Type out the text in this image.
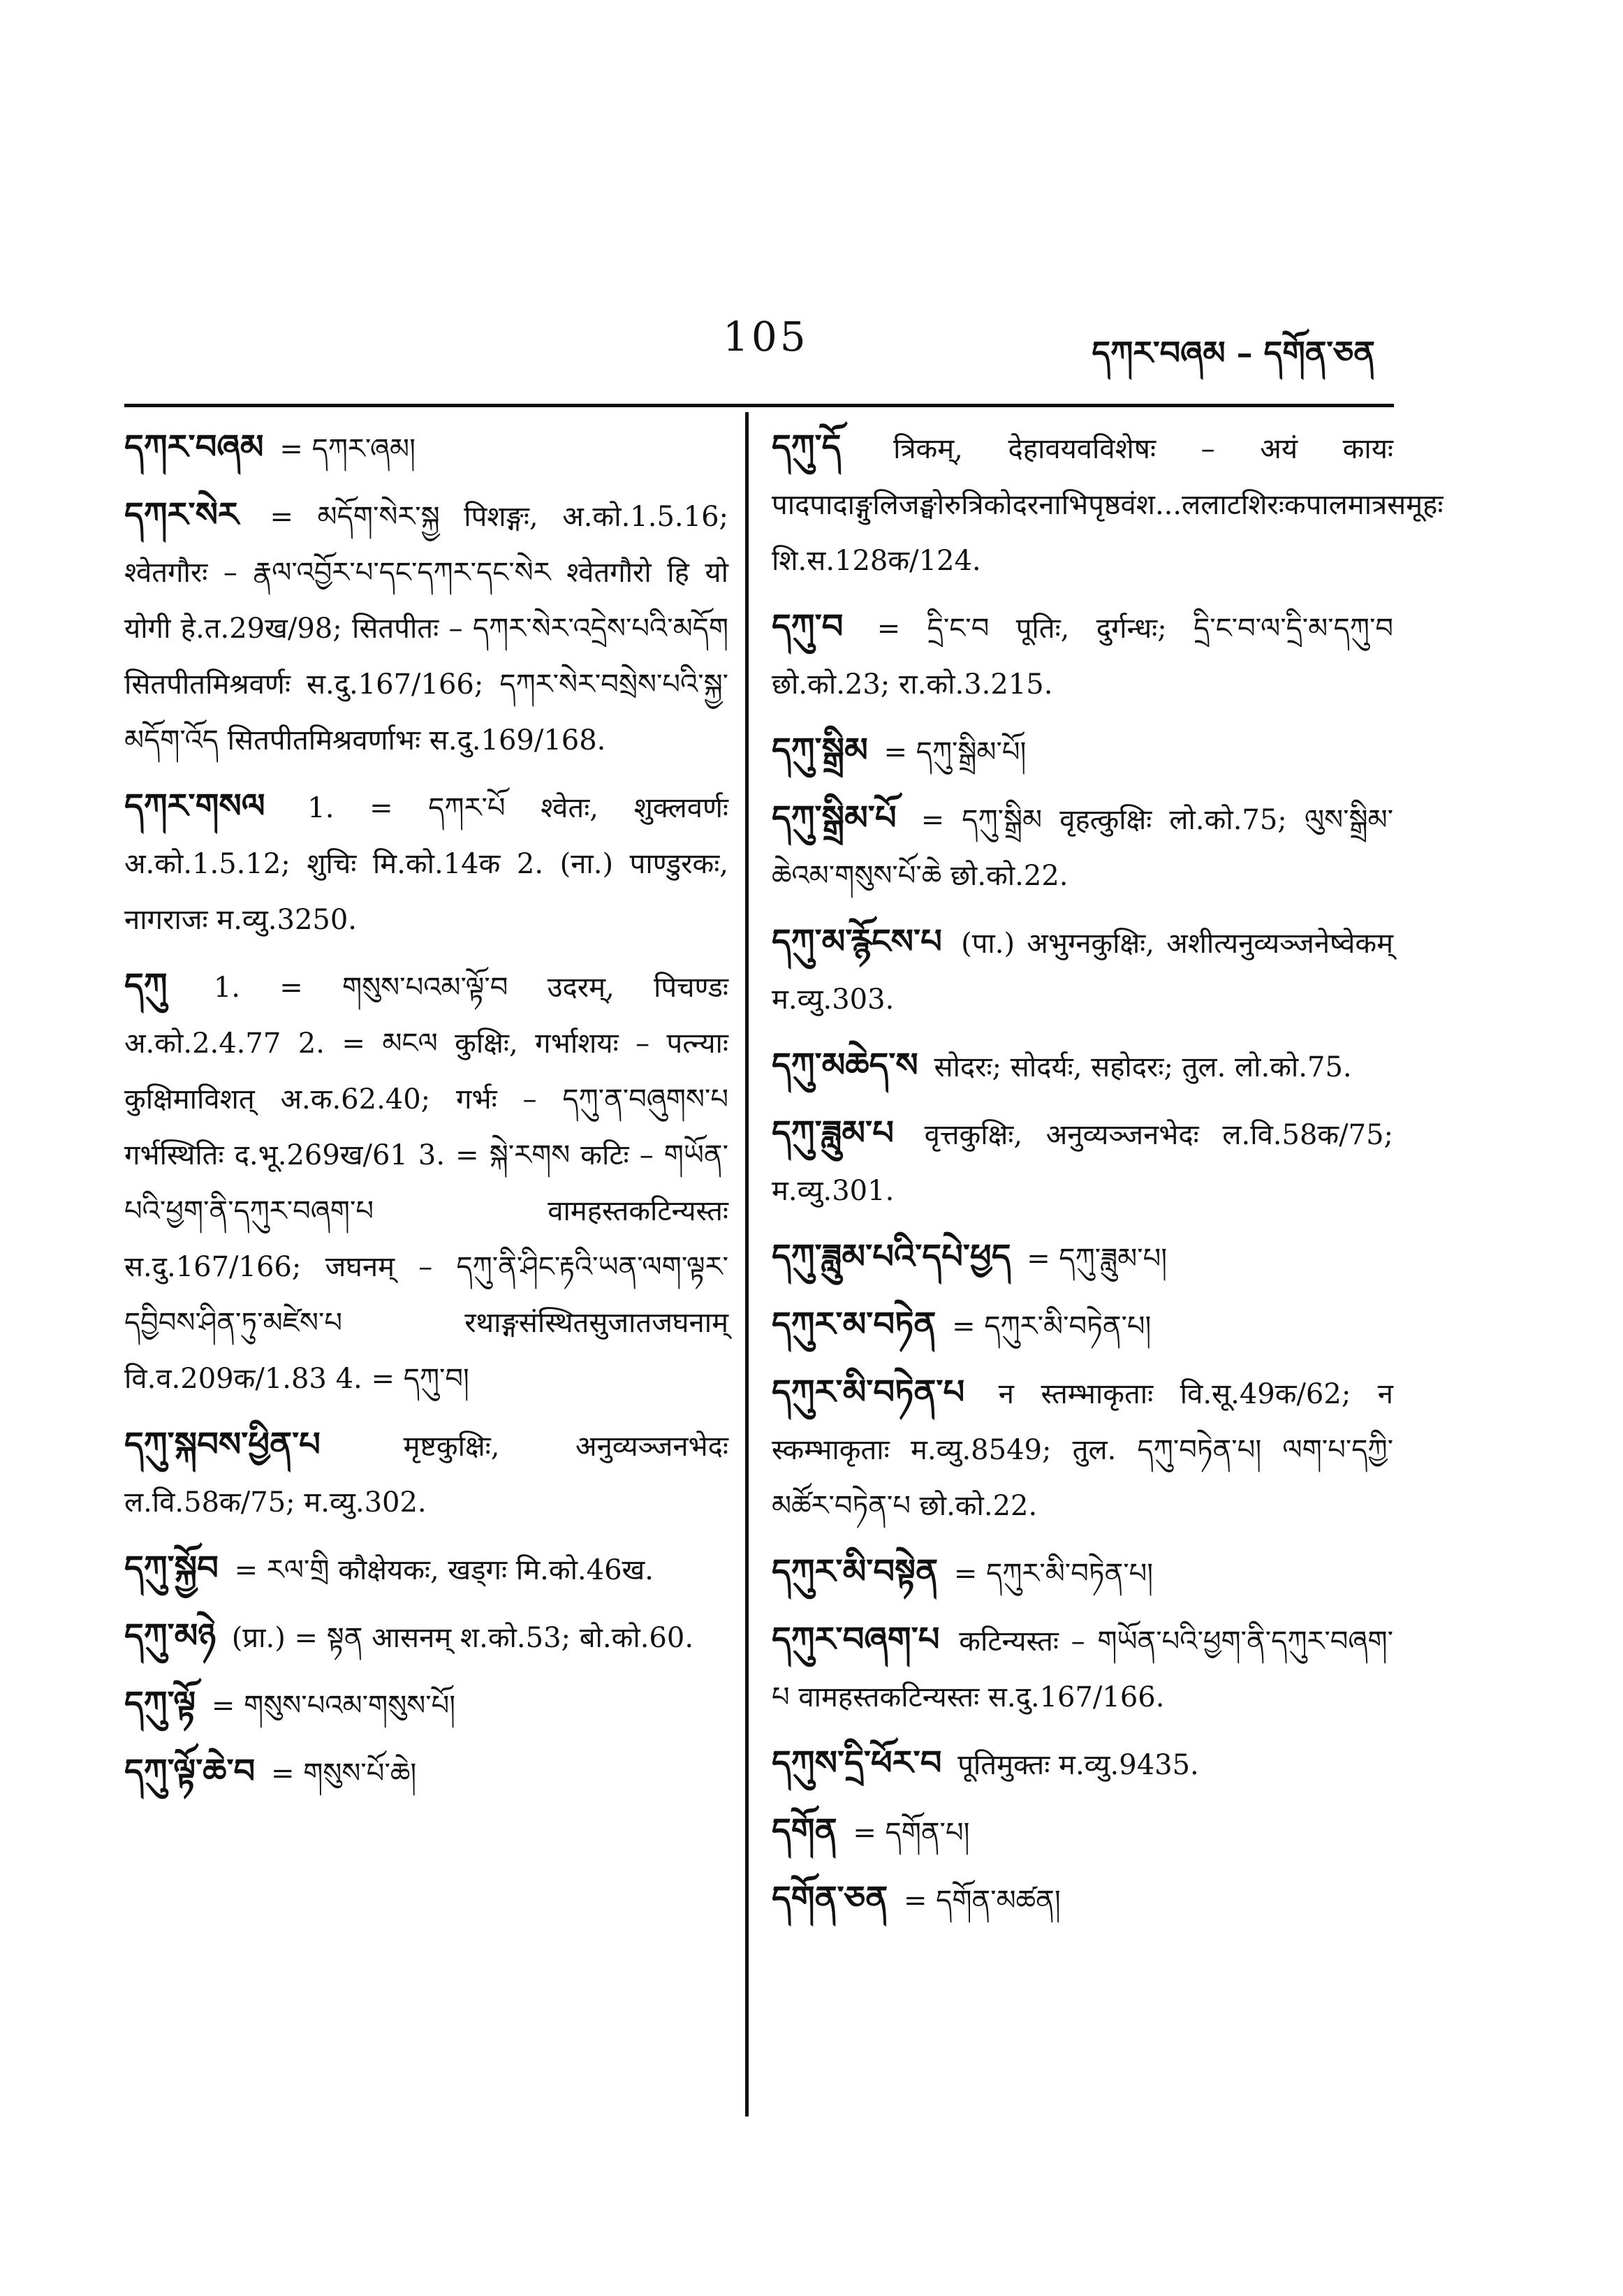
105	དཀར་བཞམ – དགོན་ཅན
དཀར་བཞམ = དཀར་ཞམ།
དཀར་སེར = མདོག་སེར་སྐྱ पिशङ्गः, अ.को.1.5.16; श्वेतगौरः – རྣལ་འབྱོར་པ་དང་དཀར་དང་སེར श्वेतगौरो हि यो योगी हे.त.29ख/98; सितपीतः – དཀར་སེར་འདྲེས་པའི་མདོག सितपीतमिश्रवर्णः स.दु.167/166; དཀར་སེར་བསྲེས་པའི་སྐྱ་མདོག་འོད सितपीतमिश्रवर्णाभः स.दु.169/168.
དཀར་གསལ 1. = དཀར་པོ श्वेतः, शुक्लवर्णः अ.को.1.5.12; शुचिः मि.को.14क 2. (ना.) पाण्डुरकः, नागराजः म.व्यु.3250.
དཀུ 1. = གསུས་པའམ་ལྟོ་བ उदरम्, पिचण्डः अ.को.2.4.77 2. = མངལ कुक्षिः, गर्भाशयः – पत्न्याः कुक्षिमाविशत् अ.क.62.40; गर्भः – དཀུ་ན་བཞུགས་པ गर्भस्थितिः द.भू.269ख/61 3. = སྐེ་རགས कटिः – གཡོན་པའི་ཕྱག་ནི་དཀུར་བཞག་པ वामहस्तकटिन्यस्तः स.दु.167/166; जघनम् – དཀུ་ནི་ཤིང་རྟའི་ཡན་ལག་ལྟར་དབྱིབས་ཤིན་ཏུ་མཛེས་པ रथाङ्गसंस्थितसुजातजघनाम् वि.व.209क/1.83 4. = དཀུ་བ།
དཀུ་སྐབས་ཕྱིན་པ	मृष्टकुक्षिः, अनुव्यञ्जनभेदः ल.वि.58क/75; म.व्यु.302.
དཀུ་སྐྱོབ = རལ་གྲི कौक्षेयकः, खड्गः मि.को.46ख.
དཀུ་མཉེ (प्रा.) = སྟན आसनम् श.को.53; बो.को.60.
དཀུ་ལྟོ = གསུས་པའམ་གསུས་པོ།
དཀུ་ལྟོ་ཆེ་བ = གསུས་པོ་ཆེ།
དཀུ་དོ त्रिकम्, देहावयवविशेषः – अयं कायः पादपादाङ्गुलिजङ्घोरुत्रिकोदरनाभिपृष्ठवंश...ललाटशिरःकपालमात्रसमूहः शि.स.128क/124.
དཀུ་བ = དྲི་ང་བ पूतिः, दुर्गन्धः; དྲི་ང་བ་ལ་དྲི་མ་དཀུ་བ छो.को.23; रा.को.3.215.
དཀུ་སྒྲིམ = དཀུ་སྒྲིམ་པོ།
དཀུ་སྒྲིམ་པོ = དཀུ་སྒྲིམ वृहत्कुक्षिः लो.को.75; ལུས་སྒྲིམ་ཆེའམ་གསུས་པོ་ཆེ छो.को.22.
དཀུ་མ་རྙོངས་པ (पा.) अभुग्नकुक्षिः, अशीत्यनुव्यञ्जनेष्वेकम् म.व्यु.303.
དཀུ་མཆེད་ས सोदरः; सोदर्यः, सहोदरः; तुल. लो.को.75.
དཀུ་ཟླུམ་པ वृत्तकुक्षिः, अनुव्यञ्जनभेदः ल.वि.58क/75; म.व्यु.301.
དཀུ་ཟླུམ་པའི་དཔེ་ཕྱད = དཀུ་ཟླུམ་པ།
དཀུར་མ་བཏེན = དཀུར་མི་བཏེན་པ།
དཀུར་མི་བཏེན་པ न स्तम्भाकृताः वि.सू.49क/62; न स्कम्भाकृताः म.व्यु.8549; तुल. དཀུ་བཏེན་པ། ལག་པ་དཀྱི་མཚོར་བཏེན་པ छो.को.22.
དཀུར་མི་བསྟེན = དཀུར་མི་བཏེན་པ།
དཀུར་བཞག་པ कटिन्यस्तः – གཡོན་པའི་ཕྱག་ནི་དཀུར་བཞག་པ वामहस्तकटिन्यस्तः स.दु.167/166.
དཀུས་དྲི་ཕོར་བ पूतिमुक्तः म.व्यु.9435.
དགོན = དགོན་པ།
དགོན་ཅན = དགོན་མཚན།
